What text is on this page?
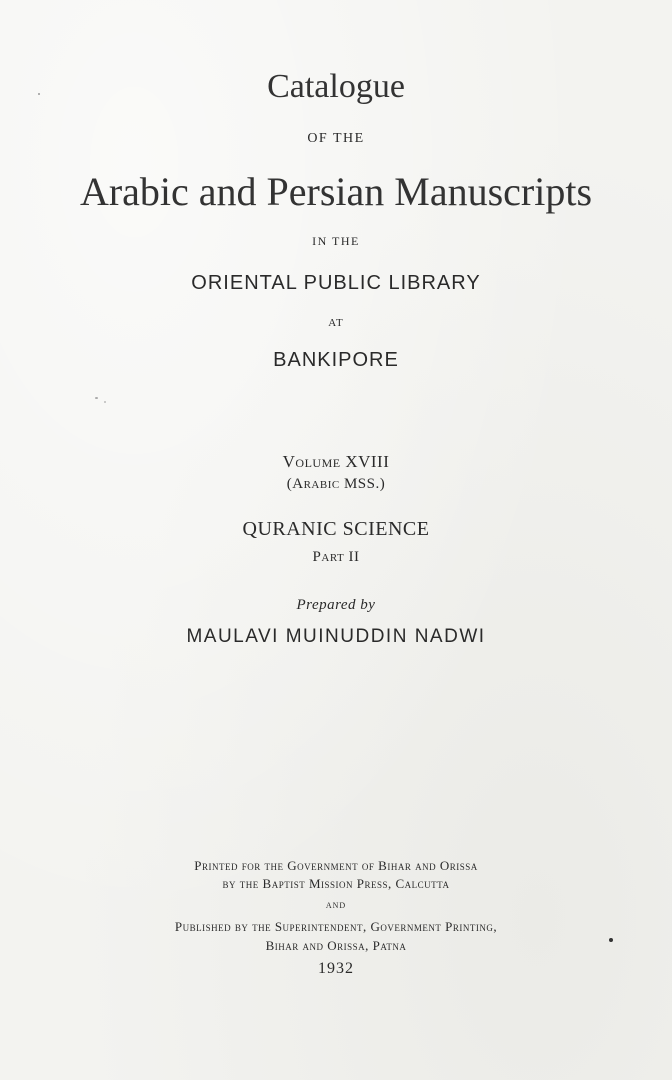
Catalogue
OF THE
Arabic and Persian Manuscripts
IN THE
ORIENTAL PUBLIC LIBRARY
AT
BANKIPORE
Volume XVIII
(Arabic MSS.)
QURANIC SCIENCE
Part II
Prepared by
MAULAVI MUINUDDIN NADWI
Printed for the Government of Bihar and Orissa
by the Baptist Mission Press, Calcutta
and
Published by the Superintendent, Government Printing,
Bihar and Orissa, Patna
1932
